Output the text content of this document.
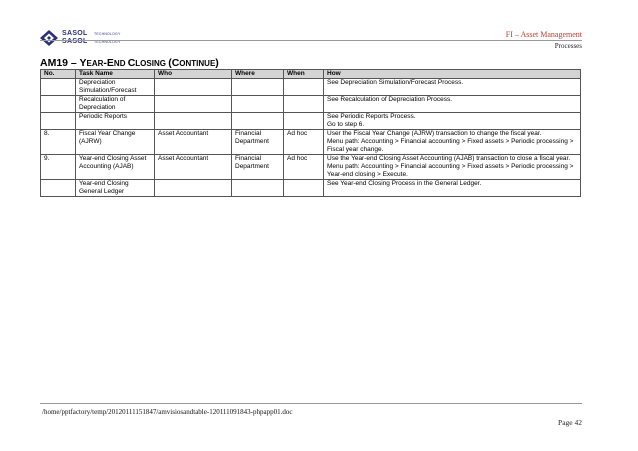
SASOL
SASOL
TECHNOLOGY
TECHNOLOGY
FI – Asset Management
Processes
AM19 – YEAR-END CLOSING (CONTINUE)
No.	Task Name	Who	Where	When	How
	Depreciation Simulation/Forecast				See Depreciation Simulation/Forecast Process.

	Recalculation of Depreciation				See Recalculation of Depreciation Process.

	Periodic Reports				See Periodic Reports Process.
Go to step 6.

8.	Fiscal Year Change (AJRW)	Asset Accountant	Financial Department	Ad hoc	User the Fiscal Year Change (AJRW) transaction to change the fiscal year.
Menu path: Accounting > Financial accounting > Fixed assets > Periodic processing > Fiscal year change.

9.	Year-end Closing Asset Accounting (AJAB)	Asset Accountant	Financial Department	Ad hoc	Use the Year-end Closing Asset Accounting (AJAB) transaction to close a fiscal year.
Menu path: Accounting > Financial accounting > Fixed assets > Periodic processing > Year-end closing > Execute.

	Year-end Closing General Ledger				See Year-end Closing Process in the General Ledger.
/home/pptfactory/temp/20120111151847/amvisiosandtable-120111091843-phpapp01.doc
Page 42
